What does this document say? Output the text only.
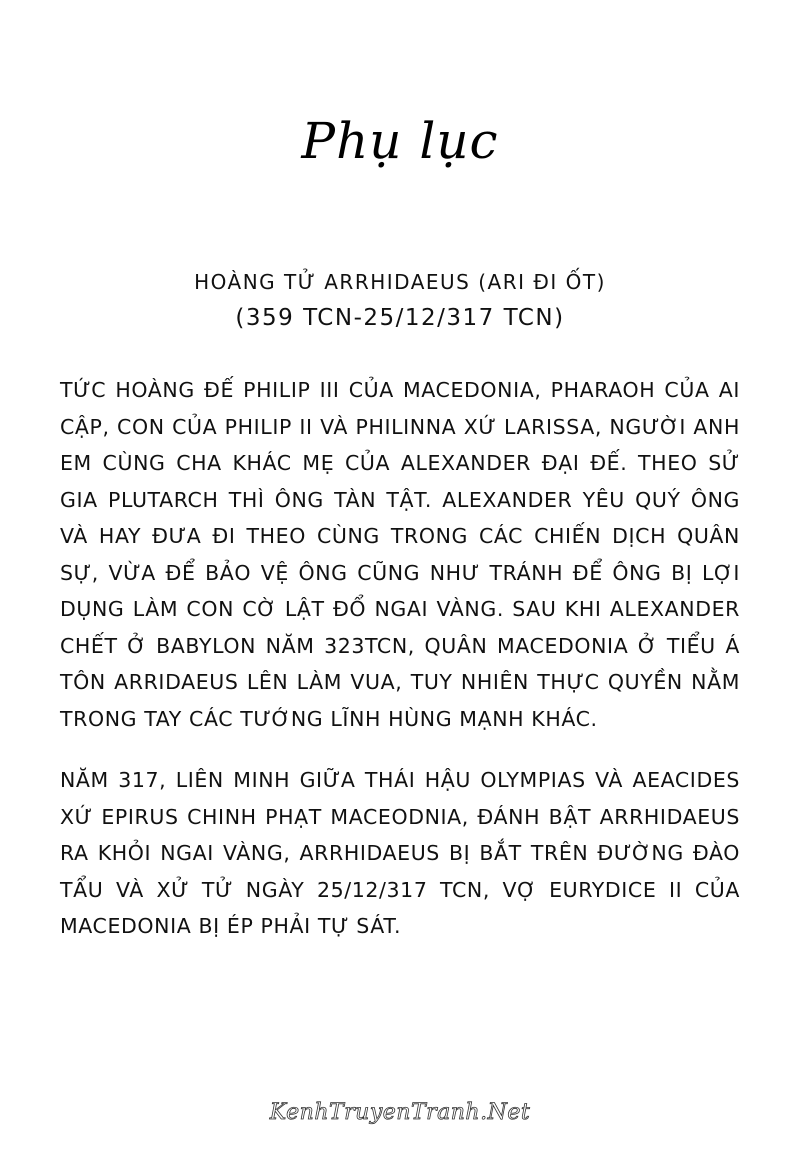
Phụ lục
HOÀNG TỬ ARRHIDAEUS (ARI ĐI ỐT)
(359 TCN-25/12/317 TCN)

TỨC HOÀNG ĐẾ PHILIP III CỦA MACEDONIA, PHARAOH CỦA AI CẬP, CON CỦA PHILIP II VÀ PHILINNA XỨ LARISSA, NGƯỜI ANH EM CÙNG CHA KHÁC MẸ CỦA ALEXANDER ĐẠI ĐẾ. THEO SỬ GIA PLUTARCH THÌ ÔNG TÀN TẬT. ALEXANDER YÊU QUÝ ÔNG VÀ HAY ĐƯA ĐI THEO CÙNG TRONG CÁC CHIẾN DỊCH QUÂN SỰ, VỪA ĐỂ BẢO VỆ ÔNG CŨNG NHƯ TRÁNH ĐỂ ÔNG BỊ LỢI DỤNG LÀM CON CỜ LẬT ĐỔ NGAI VÀNG. SAU KHI ALEXANDER CHẾT Ở BABYLON NĂM 323TCN, QUÂN MACEDONIA Ở TIỂU Á TÔN ARRIDAEUS LÊN LÀM VUA, TUY NHIÊN THỰC QUYỀN NẰM TRONG TAY CÁC TƯỚNG LĨNH HÙNG MẠNH KHÁC.

NĂM 317, LIÊN MINH GIỮA THÁI HẬU OLYMPIAS VÀ AEACIDES XỨ EPIRUS CHINH PHẠT MACEODNIA, ĐÁNH BẬT ARRHIDAEUS RA KHỎI NGAI VÀNG, ARRHIDAEUS BỊ BẮT TRÊN ĐƯỜNG ĐÀO TẨU VÀ XỬ TỬ NGÀY 25/12/317 TCN, VỢ EURYDICE II CỦA MACEDONIA BỊ ÉP PHẢI TỰ SÁT.

KenhTruyenTranh.Net
